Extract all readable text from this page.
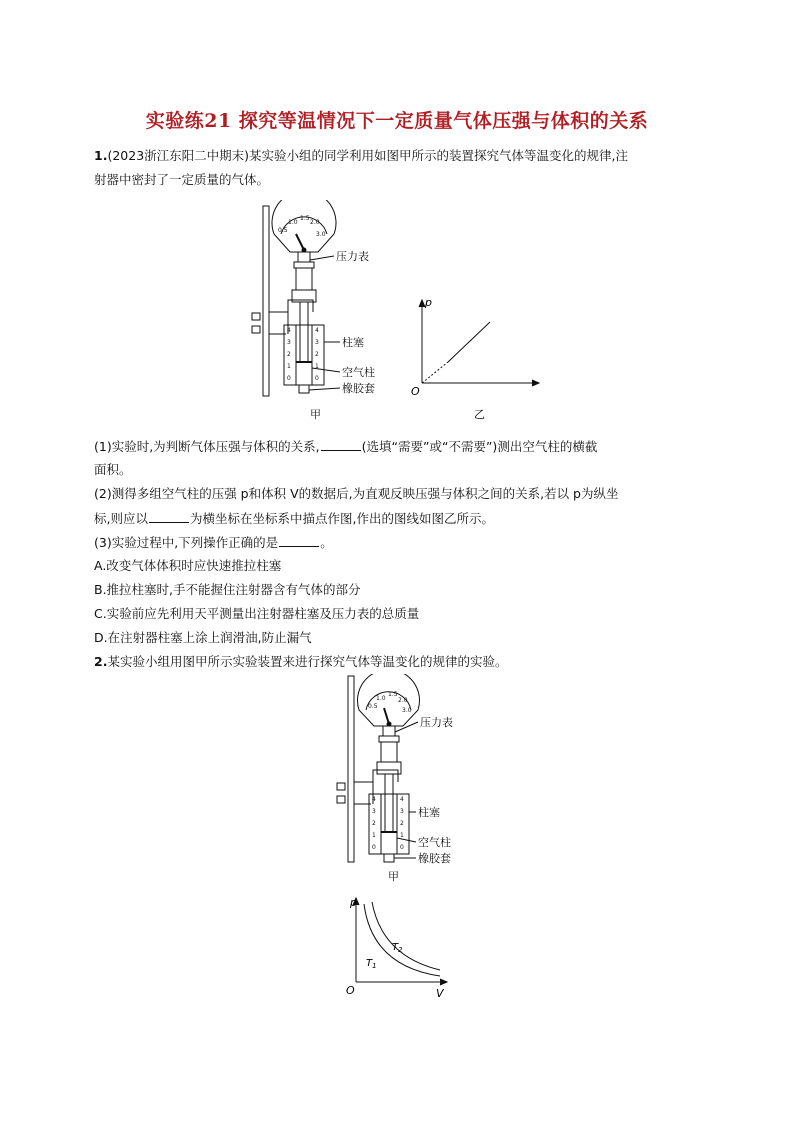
实验练21 探究等温情况下一定质量气体压强与体积的关系
1.(2023浙江东阳二中期末)某实验小组的同学利用如图甲所示的装置探究气体等温变化的规律,注
射器中密封了一定质量的气体。
0.5
1.0
1.5
2.0
3.0
4
3
2
1
0
4
3
2
1
0
压力表
柱塞
空气柱
橡胶套
甲
p
O
乙
(1)实验时,为判断气体压强与体积的关系,	(选填“需要”或“不需要”)测出空气柱的横截
面积。
(2)测得多组空气柱的压强 p和体积 V的数据后,为直观反映压强与体积之间的关系,若以 p为纵坐
标,则应以	为横坐标在坐标系中描点作图,作出的图线如图乙所示。
(3)实验过程中,下列操作正确的是	。
A.改变气体体积时应快速推拉柱塞
B.推拉柱塞时,手不能握住注射器含有气体的部分
C.实验前应先利用天平测量出注射器柱塞及压力表的总质量
D.在注射器柱塞上涂上润滑油,防止漏气
2.某实验小组用图甲所示实验装置来进行探究气体等温变化的规律的实验。
0.5
1.0
1.5
2.0
3.0
4
3
2
1
0
4
3
2
1
0
压力表
柱塞
空气柱
橡胶套
甲
p
O	V
$T_1$
$T_2$
